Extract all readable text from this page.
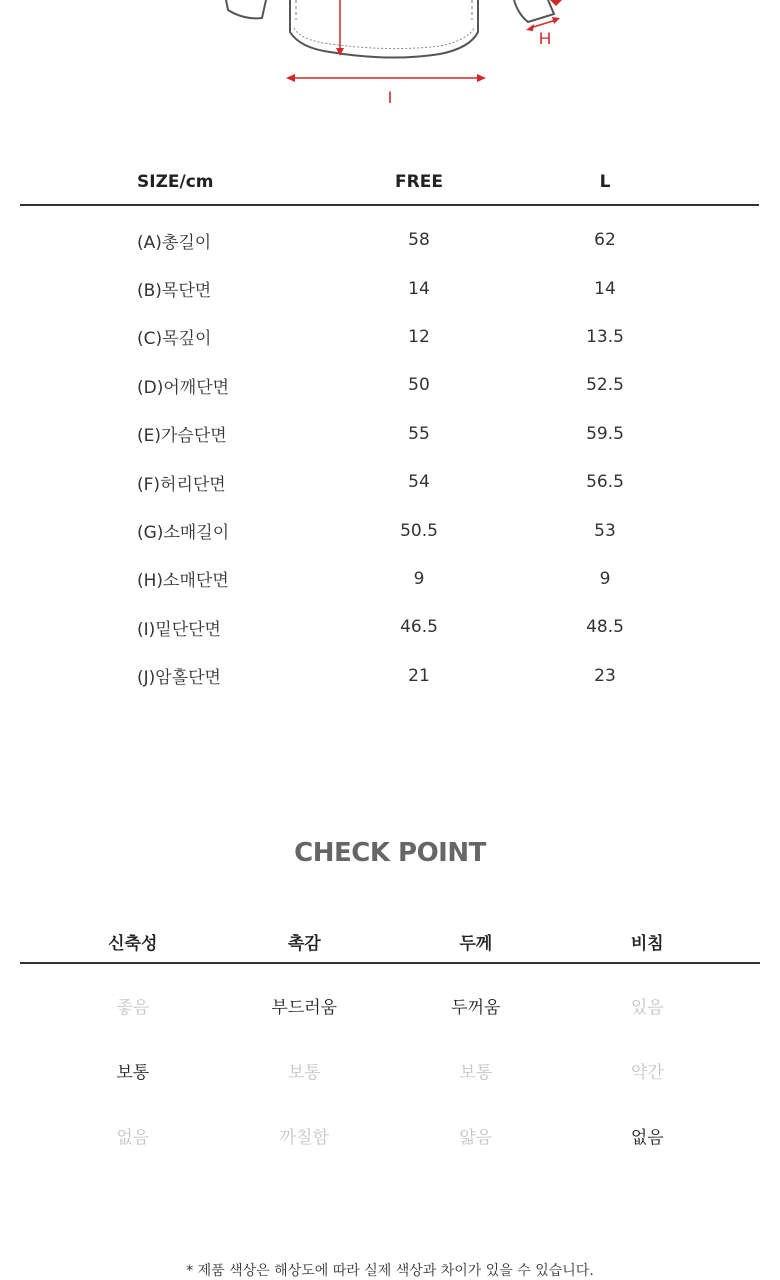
H
I
SIZE/cm	FREE	L
(A)총길이	58	62
(B)목단면	14	14
(C)목깊이	12	13.5
(D)어깨단면	50	52.5
(E)가슴단면	55	59.5
(F)허리단면	54	56.5
(G)소매길이	50.5	53
(H)소매단면	9	9
(I)밑단단면	46.5	48.5
(J)암홀단면	21	23
CHECK POINT
신축성	촉감	두께	비침
좋음	부드러움	두꺼움	있음
보통	보통	보통	약간
없음	까칠함	얇음	없음
* 제품 색상은 해상도에 따라 실제 색상과 차이가 있을 수 있습니다.
